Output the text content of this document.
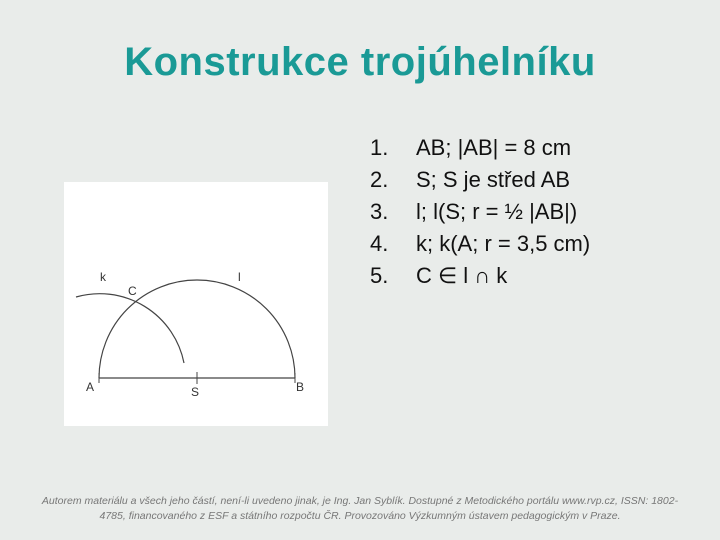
Konstrukce trojúhelníku
k	l
C
A	S	B
1. AB; |AB| = 8 cm
2. S; S je střed AB
3. l; l(S; r = ½ |AB|)
4. k; k(A; r = 3,5 cm)
5. C ∈ l ∩ k
Autorem materiálu a všech jeho částí, není-li uvedeno jinak, je Ing. Jan Syblík. Dostupné z Metodického portálu www.rvp.cz, ISSN: 1802-4785, financovaného z ESF a státního rozpočtu ČR. Provozováno Výzkumným ústavem pedagogickým v Praze.
